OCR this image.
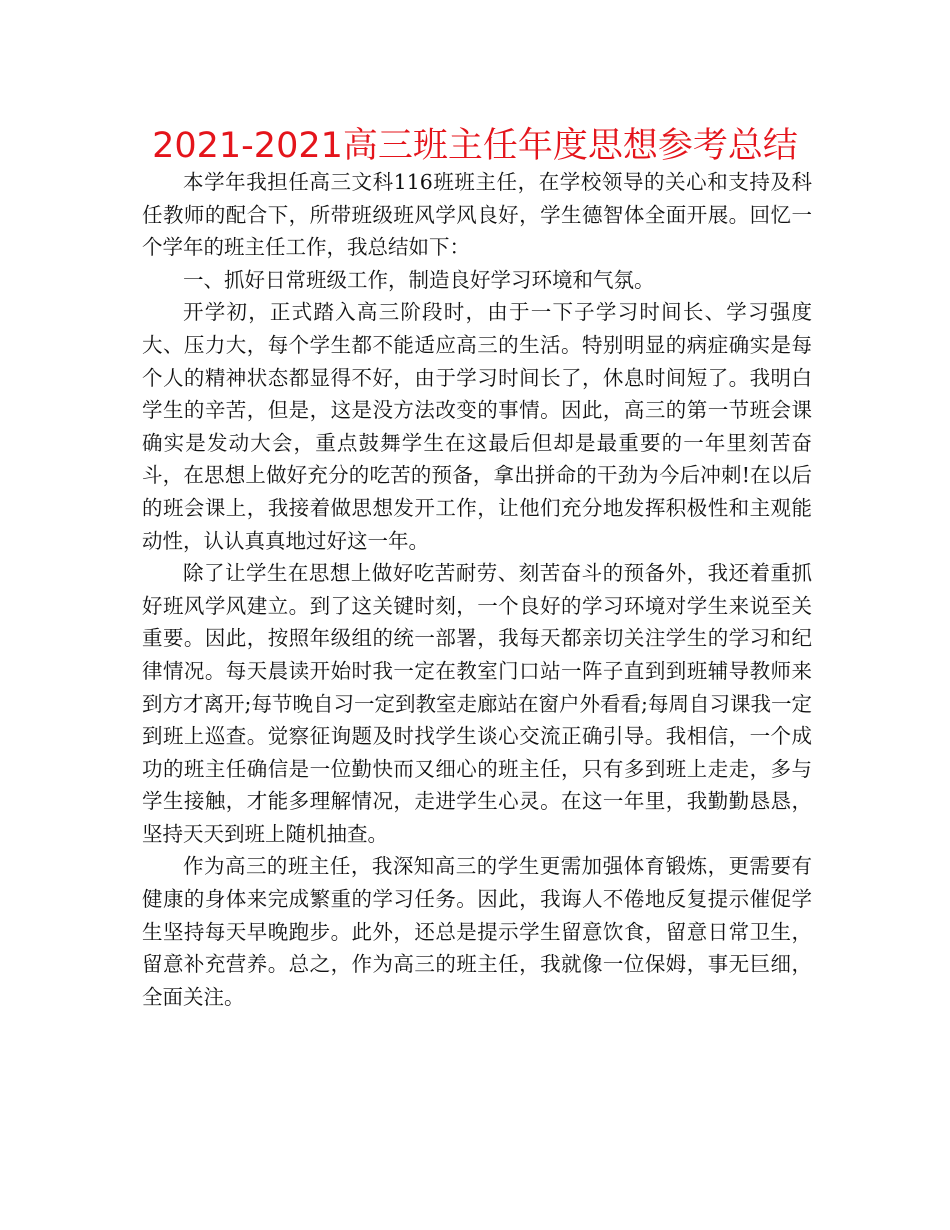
2021-2021高三班主任年度思想参考总结

本学年我担任高三文科116班班主任，在学校领导的关心和支持及科任教师的配合下，所带班级班风学风良好，学生德智体全面开展。回忆一个学年的班主任工作，我总结如下：

一、抓好日常班级工作，制造良好学习环境和气氛。

开学初，正式踏入高三阶段时，由于一下子学习时间长、学习强度大、压力大，每个学生都不能适应高三的生活。特别明显的病症确实是每个人的精神状态都显得不好，由于学习时间长了，休息时间短了。我明白学生的辛苦，但是，这是没方法改变的事情。因此，高三的第一节班会课确实是发动大会，重点鼓舞学生在这最后但却是最重要的一年里刻苦奋斗，在思想上做好充分的吃苦的预备，拿出拼命的干劲为今后冲刺!在以后的班会课上，我接着做思想发开工作，让他们充分地发挥积极性和主观能动性，认认真真地过好这一年。

除了让学生在思想上做好吃苦耐劳、刻苦奋斗的预备外，我还着重抓好班风学风建立。到了这关键时刻，一个良好的学习环境对学生来说至关重要。因此，按照年级组的统一部署，我每天都亲切关注学生的学习和纪律情况。每天晨读开始时我一定在教室门口站一阵子直到到班辅导教师来到方才离开;每节晚自习一定到教室走廊站在窗户外看看;每周自习课我一定到班上巡查。觉察征询题及时找学生谈心交流正确引导。我相信，一个成功的班主任确信是一位勤快而又细心的班主任，只有多到班上走走，多与学生接触，才能多理解情况，走进学生心灵。在这一年里，我勤勤恳恳，坚持天天到班上随机抽查。

作为高三的班主任，我深知高三的学生更需加强体育锻炼，更需要有健康的身体来完成繁重的学习任务。因此，我诲人不倦地反复提示催促学生坚持每天早晚跑步。此外，还总是提示学生留意饮食，留意日常卫生，留意补充营养。总之，作为高三的班主任，我就像一位保姆，事无巨细，全面关注。
